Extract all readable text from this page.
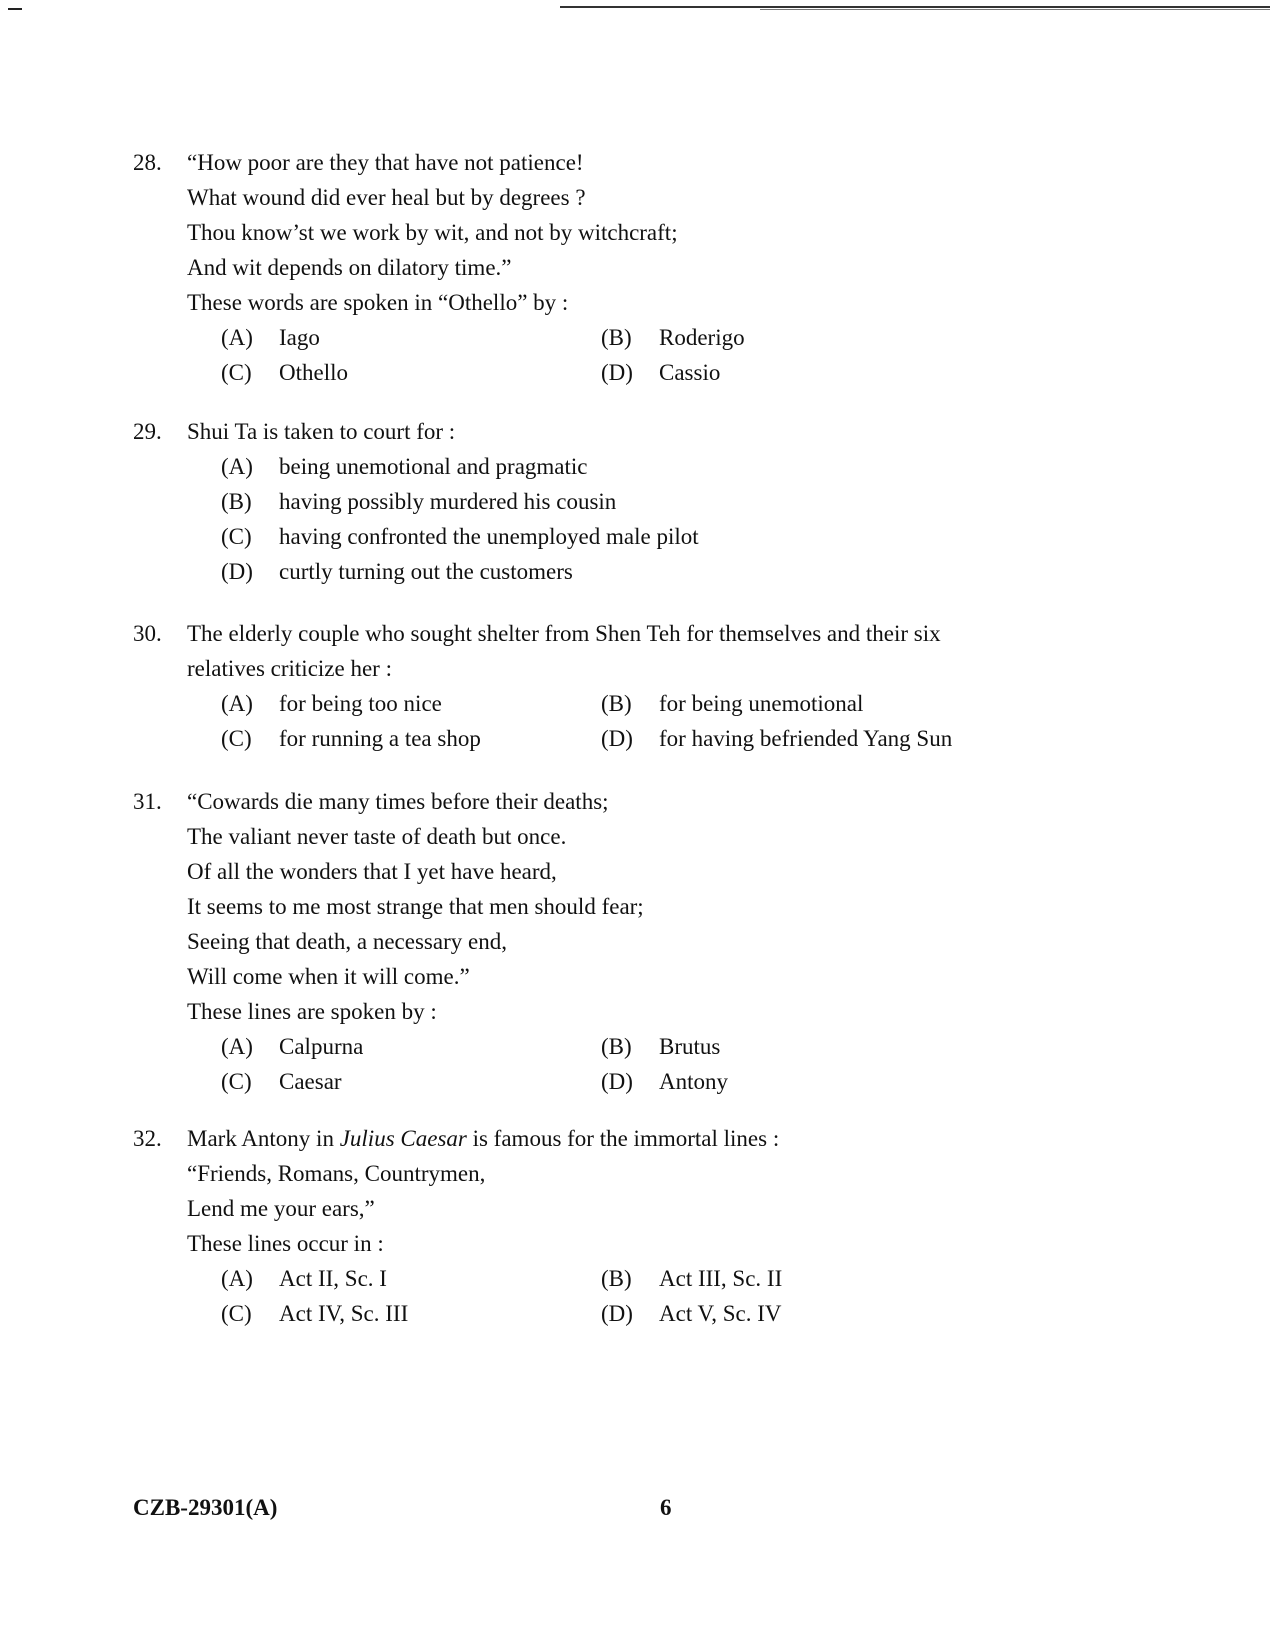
28. “How poor are they that have not patience!
What wound did ever heal but by degrees ?
Thou know’st we work by wit, and not by witchcraft;
And wit depends on dilatory time.”
These words are spoken in “Othello” by :
(A) Iago	(B) Roderigo
(C) Othello	(D) Cassio
29. Shui Ta is taken to court for :
(A) being unemotional and pragmatic
(B) having possibly murdered his cousin
(C) having confronted the unemployed male pilot
(D) curtly turning out the customers
30. The elderly couple who sought shelter from Shen Teh for themselves and their six
relatives criticize her :
(A) for being too nice	(B) for being unemotional
(C) for running a tea shop	(D) for having befriended Yang Sun
31. “Cowards die many times before their deaths;
The valiant never taste of death but once.
Of all the wonders that I yet have heard,
It seems to me most strange that men should fear;
Seeing that death, a necessary end,
Will come when it will come.”
These lines are spoken by :
(A) Calpurna	(B) Brutus
(C) Caesar	(D) Antony
32. Mark Antony in Julius Caesar is famous for the immortal lines :
“Friends, Romans, Countrymen,
Lend me your ears,”
These lines occur in :
(A) Act II, Sc. I	(B) Act III, Sc. II
(C) Act IV, Sc. III	(D) Act V, Sc. IV
CZB-29301(A)	6
